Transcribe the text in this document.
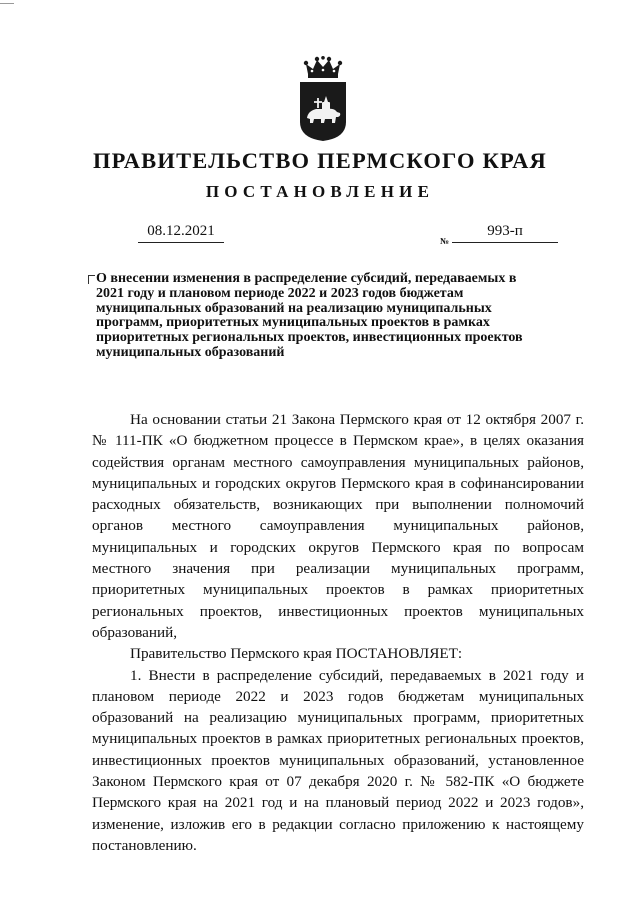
ПРАВИТЕЛЬСТВО ПЕРМСКОГО КРАЯ
ПОСТАНОВЛЕНИЕ
08.12.2021
№
993-п

О внесении изменения в распределение субсидий, передаваемых в 2021 году и плановом периоде 2022 и 2023 годов бюджетам муниципальных образований на реализацию муниципальных программ, приоритетных муниципальных проектов в рамках приоритетных региональных проектов, инвестиционных проектов муниципальных образований

На основании статьи 21 Закона Пермского края от 12 октября 2007 г. № 111-ПК «О бюджетном процессе в Пермском крае», в целях оказания содействия органам местного самоуправления муниципальных районов, муниципальных и городских округов Пермского края в софинансировании расходных обязательств, возникающих при выполнении полномочий органов местного самоуправления муниципальных районов, муниципальных и городских округов Пермского края по вопросам местного значения при реализации муниципальных программ, приоритетных муниципальных проектов в рамках приоритетных региональных проектов, инвестиционных проектов муниципальных образований,

Правительство Пермского края ПОСТАНОВЛЯЕТ:

1. Внести в распределение субсидий, передаваемых в 2021 году и плановом периоде 2022 и 2023 годов бюджетам муниципальных образований на реализацию муниципальных программ, приоритетных муниципальных проектов в рамках приоритетных региональных проектов, инвестиционных проектов муниципальных образований, установленное Законом Пермского края от 07 декабря 2020 г. № 582-ПК «О бюджете Пермского края на 2021 год и на плановый период 2022 и 2023 годов», изменение, изложив его в редакции согласно приложению к настоящему постановлению.
